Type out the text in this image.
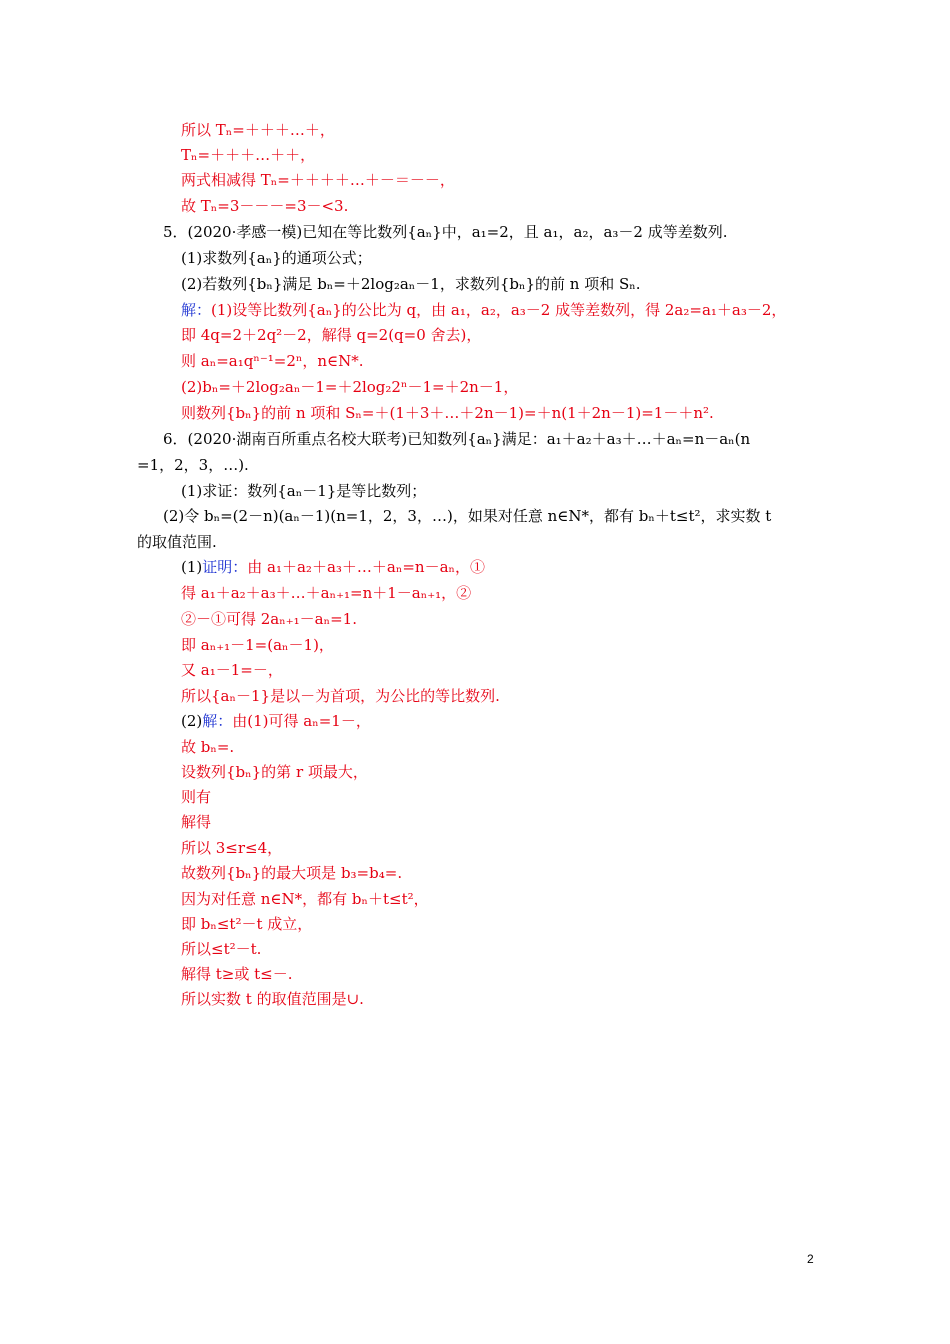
所以 Tₙ=＋＋＋…＋，
Tₙ=＋＋＋…＋＋，
两式相减得 Tₙ=＋＋＋＋…＋－＝－－，
故 Tₙ=3－－－=3－<3.
5．(2020·孝感一模)已知在等比数列{aₙ}中，a₁=2，且 a₁，a₂，a₃－2 成等差数列.
(1)求数列{aₙ}的通项公式；
(2)若数列{bₙ}满足 bₙ=＋2log₂aₙ－1，求数列{bₙ}的前 n 项和 Sₙ.
解：(1)设等比数列{aₙ}的公比为 q，由 a₁，a₂，a₃－2 成等差数列，得 2a₂=a₁＋a₃－2，
即 4q=2＋2q²－2，解得 q=2(q=0 舍去)，
则 aₙ=a₁qⁿ⁻¹=2ⁿ，n∈N*.
(2)bₙ=＋2log₂aₙ－1=＋2log₂2ⁿ－1=＋2n－1，
则数列{bₙ}的前 n 项和 Sₙ=＋(1＋3＋…＋2n－1)=＋n(1＋2n－1)=1－＋n².
6．(2020·湖南百所重点名校大联考)已知数列{aₙ}满足：a₁＋a₂＋a₃＋…＋aₙ=n－aₙ(n
=1，2，3，…).
(1)求证：数列{aₙ－1}是等比数列；
(2)令 bₙ=(2－n)(aₙ－1)(n=1，2，3，…)，如果对任意 n∈N*，都有 bₙ＋t≤t²，求实数 t
的取值范围.
(1)证明：由 a₁＋a₂＋a₃＋…＋aₙ=n－aₙ，①
得 a₁＋a₂＋a₃＋…＋aₙ₊₁=n＋1－aₙ₊₁，②
②－①可得 2aₙ₊₁－aₙ=1.
即 aₙ₊₁－1=(aₙ－1)，
又 a₁－1=－，
所以{aₙ－1}是以－为首项，为公比的等比数列.
(2)解：由(1)可得 aₙ=1－，
故 bₙ=.
设数列{bₙ}的第 r 项最大，
则有
解得
所以 3≤r≤4，
故数列{bₙ}的最大项是 b₃=b₄=.
因为对任意 n∈N*，都有 bₙ＋t≤t²，
即 bₙ≤t²－t 成立，
所以≤t²－t.
解得 t≥或 t≤－.
所以实数 t 的取值范围是∪.
2
